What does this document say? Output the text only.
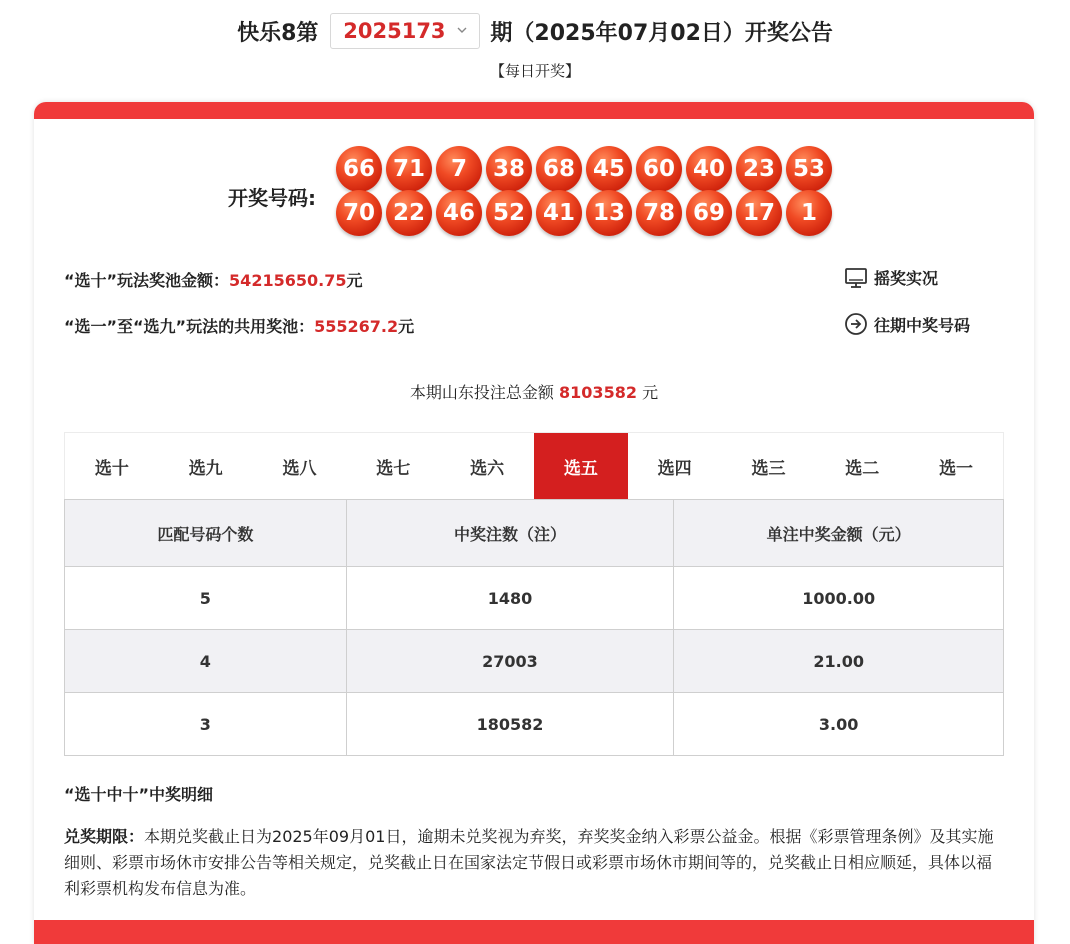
快乐8第 2025173 期（2025年07月02日）开奖公告
【每日开奖】
开奖号码:
66 71	7	38 68 45 60 40 23 53
70 22 46 52 41 13 78 69 17	1
“选十”玩法奖池金额：54215650.75元
“选一”至“选九”玩法的共用奖池：555267.2元
摇奖实况
往期中奖号码
本期山东投注总金额 8103582 元
选十	选九	选八	选七	选六	选五	选四	选三	选二	选一
匹配号码个数	中奖注数（注）	单注中奖金额（元）
5	1480	1000.00
4	27003	21.00
3	180582	3.00
“选十中十”中奖明细
兑奖期限：本期兑奖截止日为2025年09月01日，逾期未兑奖视为弃奖，弃奖奖金纳入彩票公益金。根据《彩票管理条例》及其实施细则、彩票市场休市安排公告等相关规定，兑奖截止日在国家法定节假日或彩票市场休市期间等的，兑奖截止日相应顺延，具体以福利彩票机构发布信息为准。
